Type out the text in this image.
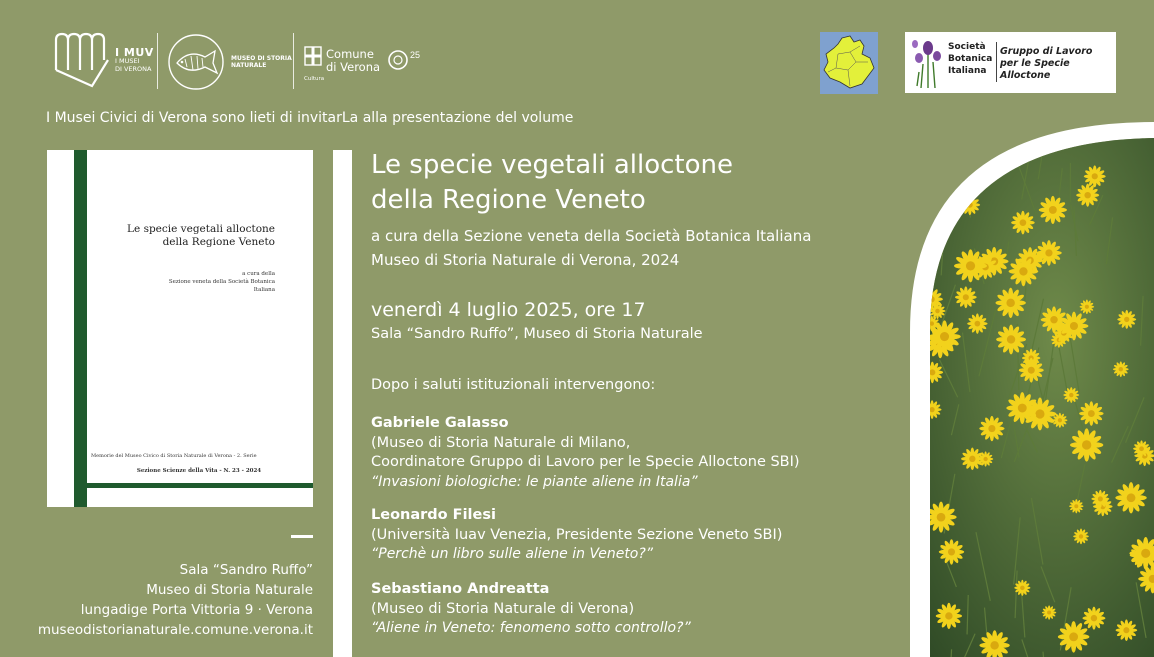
I MUV
I MUSEI
DI VERONA
MUSEO DI STORIA
NATURALE
Comune
di Verona
Cultura
25
Società
Botanica
Italiana
Gruppo di Lavoro
per le Specie Alloctone
I Musei Civici di Verona sono lieti di invitarLa alla presentazione del volume
Le specie vegetali alloctone
della Regione Veneto
a cura della
Sezione veneta della Società Botanica
Italiana
Memorie del Museo Civico di Storia Naturale di Verona - 2. Serie
Sezione Scienze della Vita - N. 23 - 2024
Sala “Sandro Ruffo”
Museo di Storia Naturale
lungadige Porta Vittoria 9 · Verona
museodistorianaturale.comune.verona.it
Le specie vegetali alloctone
della Regione Veneto
a cura della Sezione veneta della Società Botanica Italiana
Museo di Storia Naturale di Verona, 2024
venerdì 4 luglio 2025, ore 17
Sala “Sandro Ruffo”, Museo di Storia Naturale
Dopo i saluti istituzionali intervengono:
Gabriele Galasso
(Museo di Storia Naturale di Milano,
Coordinatore Gruppo di Lavoro per le Specie Alloctone SBI)
“Invasioni biologiche: le piante aliene in Italia”
Leonardo Filesi
(Università Iuav Venezia, Presidente Sezione Veneto SBI)
“Perchè un libro sulle aliene in Veneto?”
Sebastiano Andreatta
(Museo di Storia Naturale di Verona)
“Aliene in Veneto: fenomeno sotto controllo?”
